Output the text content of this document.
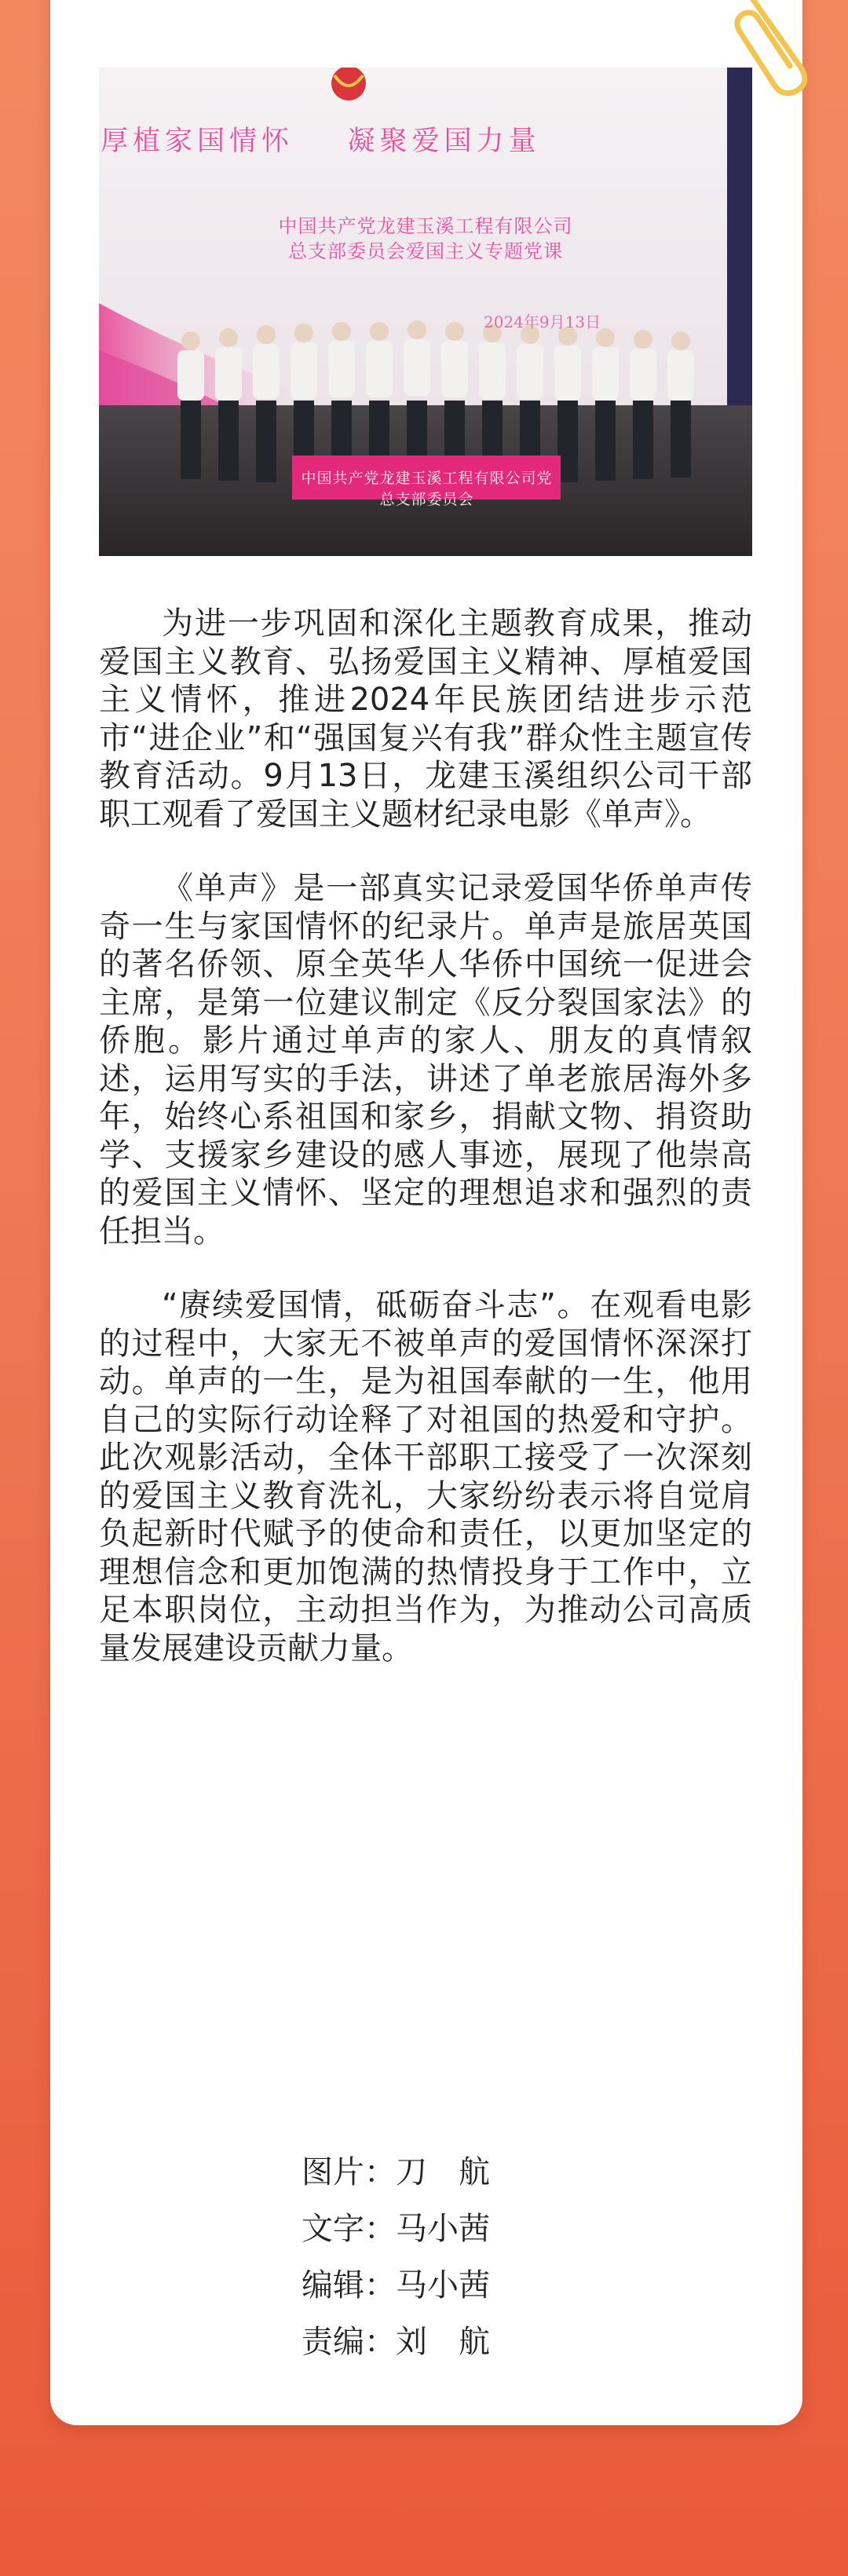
厚植家国情怀    凝聚爱国力量
中国共产党龙建玉溪工程有限公司
总支部委员会爱国主义专题党课
2024年9月13日
中国共产党龙建玉溪工程有限公司党总支部委员会

为进一步巩固和深化主题教育成果，推动爱国主义教育、弘扬爱国主义精神、厚植爱国主义情怀，推进2024年民族团结进步示范市“进企业”和“强国复兴有我”群众性主题宣传教育活动。9月13日，龙建玉溪组织公司干部职工观看了爱国主义题材纪录电影《单声》。

《单声》是一部真实记录爱国华侨单声传奇一生与家国情怀的纪录片。单声是旅居英国的著名侨领、原全英华人华侨中国统一促进会主席，是第一位建议制定《反分裂国家法》的侨胞。影片通过单声的家人、朋友的真情叙述，运用写实的手法，讲述了单老旅居海外多年，始终心系祖国和家乡，捐献文物、捐资助学、支援家乡建设的感人事迹，展现了他崇高的爱国主义情怀、坚定的理想追求和强烈的责任担当。

“赓续爱国情，砥砺奋斗志”。在观看电影的过程中，大家无不被单声的爱国情怀深深打动。单声的一生，是为祖国奉献的一生，他用自己的实际行动诠释了对祖国的热爱和守护。此次观影活动，全体干部职工接受了一次深刻的爱国主义教育洗礼，大家纷纷表示将自觉肩负起新时代赋予的使命和责任，以更加坚定的理想信念和更加饱满的热情投身于工作中，立足本职岗位，主动担当作为，为推动公司高质量发展建设贡献力量。

图片：刀　航
文字：马小茜
编辑：马小茜
责编：刘　航
